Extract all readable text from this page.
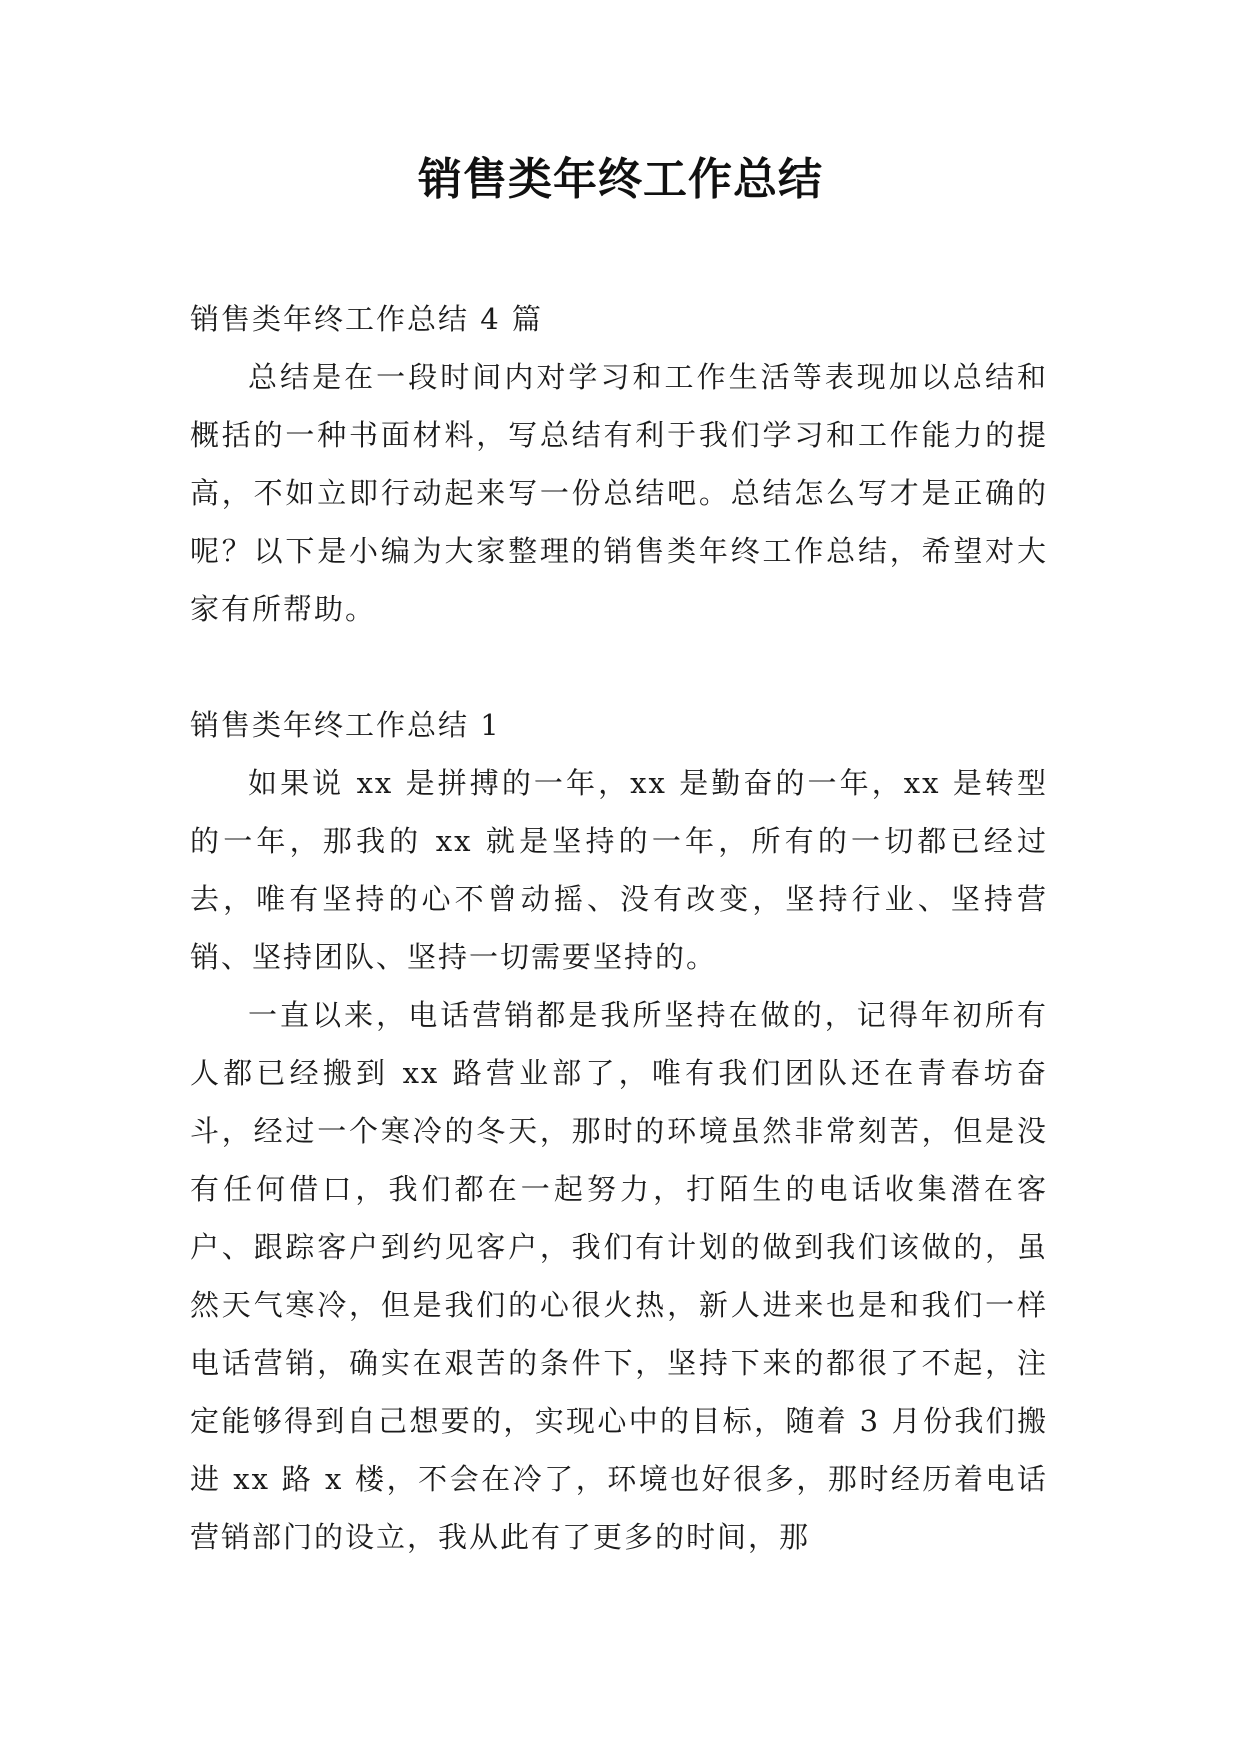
销售类年终工作总结

销售类年终工作总结 4 篇

总结是在一段时间内对学习和工作生活等表现加以总结和概括的一种书面材料，写总结有利于我们学习和工作能力的提高，不如立即行动起来写一份总结吧。总结怎么写才是正确的呢？以下是小编为大家整理的销售类年终工作总结，希望对大家有所帮助。

销售类年终工作总结 1

如果说 xx 是拼搏的一年，xx 是勤奋的一年，xx 是转型的一年，那我的 xx 就是坚持的一年，所有的一切都已经过去，唯有坚持的心不曾动摇、没有改变，坚持行业、坚持营销、坚持团队、坚持一切需要坚持的。

一直以来，电话营销都是我所坚持在做的，记得年初所有人都已经搬到 xx 路营业部了，唯有我们团队还在青春坊奋斗，经过一个寒冷的冬天，那时的环境虽然非常刻苦，但是没有任何借口，我们都在一起努力，打陌生的电话收集潜在客户、跟踪客户到约见客户，我们有计划的做到我们该做的，虽然天气寒冷，但是我们的心很火热，新人进来也是和我们一样电话营销，确实在艰苦的条件下，坚持下来的都很了不起，注定能够得到自己想要的，实现心中的目标，随着 3 月份我们搬进 xx 路 x 楼，不会在冷了，环境也好很多，那时经历着电话营销部门的设立，我从此有了更多的时间，那
